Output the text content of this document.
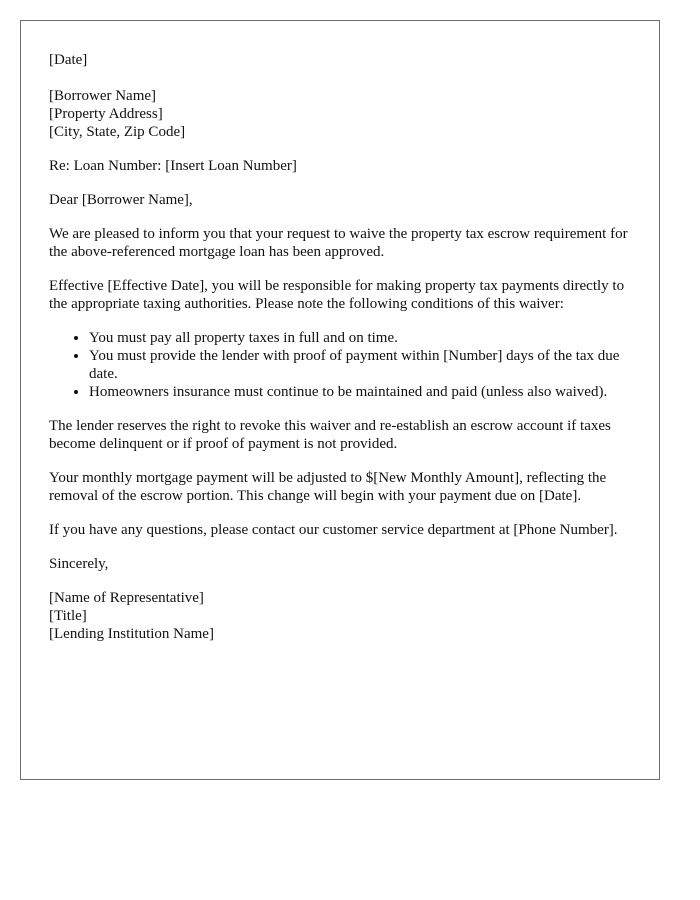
[Date]
[Borrower Name]
[Property Address]
[City, State, Zip Code]
Re: Loan Number: [Insert Loan Number]
Dear [Borrower Name],

We are pleased to inform you that your request to waive the property tax escrow requirement for the above-referenced mortgage loan has been approved.

Effective [Effective Date], you will be responsible for making property tax payments directly to the appropriate taxing authorities. Please note the following conditions of this waiver:

• You must pay all property taxes in full and on time.
• You must provide the lender with proof of payment within [Number] days of the tax due date.
• Homeowners insurance must continue to be maintained and paid (unless also waived).

The lender reserves the right to revoke this waiver and re-establish an escrow account if taxes become delinquent or if proof of payment is not provided.

Your monthly mortgage payment will be adjusted to $[New Monthly Amount], reflecting the removal of the escrow portion. This change will begin with your payment due on [Date].

If you have any questions, please contact our customer service department at [Phone Number].

Sincerely,
[Name of Representative]
[Title]
[Lending Institution Name]
